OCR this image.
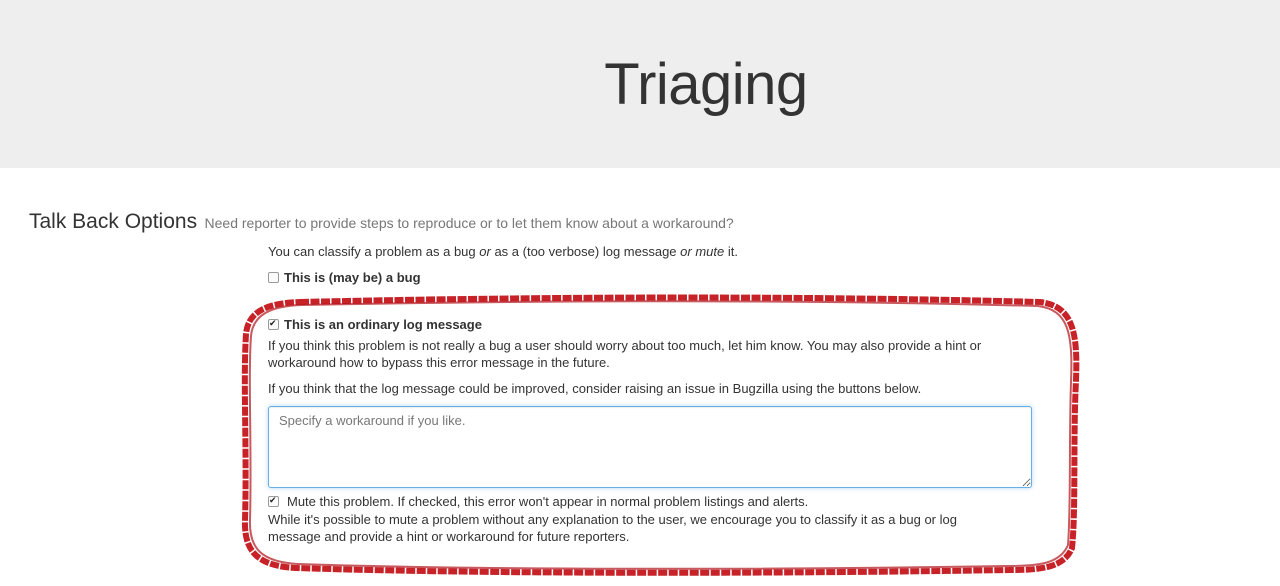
Triaging
Talk Back Options Need reporter to provide steps to reproduce or to let them know about a workaround?
You can classify a problem as a bug or as a (too verbose) log message or mute it.
This is (may be) a bug
✔
This is an ordinary log message
If you think this problem is not really a bug a user should worry about too much, let him know. You may also provide a hint or workaround how to bypass this error message in the future.
If you think that the log message could be improved, consider raising an issue in Bugzilla using the buttons below.
Specify a workaround if you like.
✔
Mute this problem. If checked, this error won't appear in normal problem listings and alerts.
While it's possible to mute a problem without any explanation to the user, we encourage you to classify it as a bug or log message and provide a hint or workaround for future reporters.
